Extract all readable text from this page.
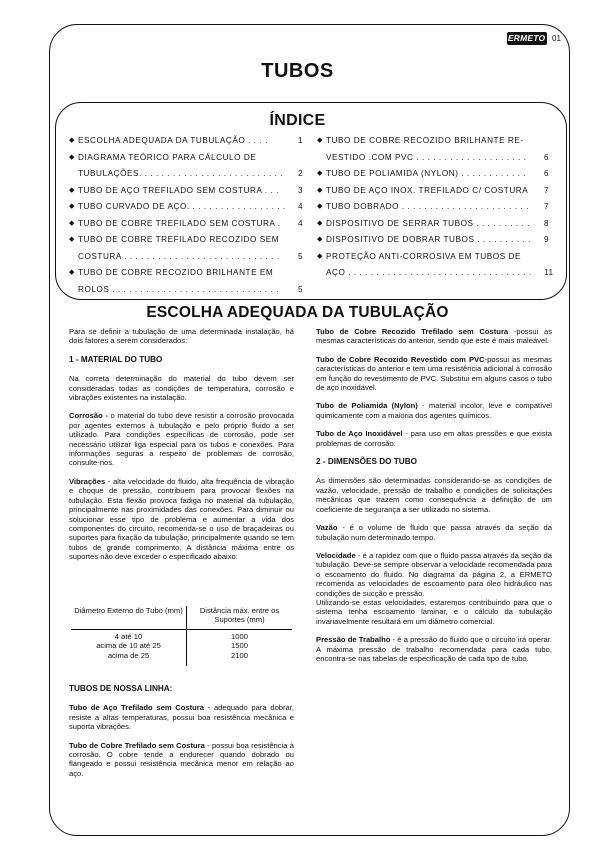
ERMETO 01
TUBOS
ÍNDICE
◆ ESCOLHA ADEQUADA DA TUBULAÇÃO . . . .	1
◆ DIAGRAMA TEÓRICO PARA CÁLCULO DE
TUBULAÇÕES. . . . . . . . . . . . . . . . . . . . . . . . . . 2
◆ TUBO DE AÇO TREFILADO SEM COSTURA . . . 3
◆ TUBO CURVADO DE AÇO. . . . . . . . . . . . . . . . . . 4
◆ TUBO DE COBRE TREFILADO SEM COSTURA . 4
◆ TUBO DE COBRE TREFILADO RECOZIDO SEM
COSTURA . . . . . . . . . . . . . . . . . . . . . . . . . . . . 5
◆ TUBO DE COBRE RECOZIDO BRILHANTE EM
ROLOS . . . . . . . . . . . . . . . . . . . . . . . . . . . . . . 5
◆ TUBO DE COBRE RECOZIDO BRILHANTE RE-
VESTIDO .COM PVC . . . . . . . . . . . . . . . . . . . . 6
◆ TUBO DE POLIAMIDA (NYLON) . . . . . . . . . . . . 6
◆ TUBO DE AÇO INOX. TREFILADO C/ COSTURA 7
◆ TUBO DOBRADO . . . . . . . . . . . . . . . . . . . . . . . 7
◆ DISPOSITIVO DE SERRAR TUBOS . . . . . . . . . . 8
◆ DISPOSITIVO DE DOBRAR TUBOS . . . . . . . . . . 9
◆ PROTEÇÃO ANTI-CORROSIVA EM TUBOS DE
AÇO . . . . . . . . . . . . . . . . . . . . . . . . . . . . . . . . . 11
ESCOLHA ADEQUADA DA TUBULAÇÃO

Para se definir a tubulação de uma determinada instalação, há dois fatores a serem considerados:

1 - MATERIAL DO TUBO

Na correta determinação do material do tubo devem ser consideradas todas as condições de temperatura, corrosão e vibrações existentes na instalação.

Corrosão - o material do tubo deve resistir a corrosão provocada por agentes externos à tubulação e pelo próprio fluido a ser utilizado. Para condições específicas de corrosão, pode ser necessário utilizar liga especial para os tubos e conexões. Para informações seguras a respeito de problemas de corrosão, consulte-nos.

Vibrações - alta velocidade do fluido, alta frequência de vibração e choque de pressão, contribuem para provocar flexões na tubulação. Esta flexão provoca fadiga no material da tubulação, principalmente nas proximidades das conexões. Para diminuir ou solucionar esse tipo de problema e aumentar a vida dos componentes do circuito, recomenda-se o uso de braçadeiras ou suportes para fixação da tubulação, principalmente quando se tem tubos de grande comprimento. A distância máxima entre os suportes não deve exceder o especificado abaixo:

Diâmetro Externo do Tubo (mm)	Distância máx. entre os Suportes (mm)
4 até 10
acima de 10 até 25
acima de 25
1000
1500
2100
TUBOS DE NOSSA LINHA:

Tubo de Aço Trefilado sem Costura - adequado para dobrar, resiste a altas temperaturas, possui boa resistência mecânica e suporta vibrações.

Tubo de Cobre Trefilado sem Costura - possui boa resistência à corrosão. O cobre tende a endurecer quando dobrado ou flangeado e possui resistência mecânica menor em relação ao aço.

Tubo de Cobre Recozido Trefilado sem Costura -possui as mesmas características do anterior, sendo que este é mais maleável.

Tubo de Cobre Recozido Revestido com PVC-possui as mesmas características do anterior e tem uma resistência adicional à corrosão em função do revestimento de PVC. Substitui em alguns casos o tubo de aço inoxidável.

Tubo de Poliamida (Nylon) - material incolor, leve e compatível quimicamente com a maioria dos agentes químicos.

Tubo de Aço Inoxidável - para uso em altas pressões e que exista problemas de corrosão.

2 - DIMENSÕES DO TUBO

As dimensões são determinadas considerando-se as condições de vazão, velocidade, pressão de trabalho e condições de solicitações mecânicas que trazem como consequência a definição de um coeficiente de segurança a ser utilizado no sistema.

Vazão - é o volume de fluido que passa através da seção da tubulação num determinado tempo.

Velocidade - é a rapidez com que o fluido passa através da seção da tubulação. Deve-se sempre observar a velocidade recomendada para o escoamento do fluido. No diagrama da página 2, a ERMETO recomenda as velocidades de escoamento para óleo hidráulico nas condições de sucção e pressão.

Utilizando-se estas velocidades, estaremos contribuindo para que o sistema tenha escoamento laminar, e o cálculo da tubulação invariavelmente resultará em um diâmetro comercial.

Pressão de Trabalho - é a pressão do fluido que o circuito irá operar. A máxima pressão de trabalho recomendada para cada tubo, encontra-se nas tabelas de especificação de cada tipo de tubo.
